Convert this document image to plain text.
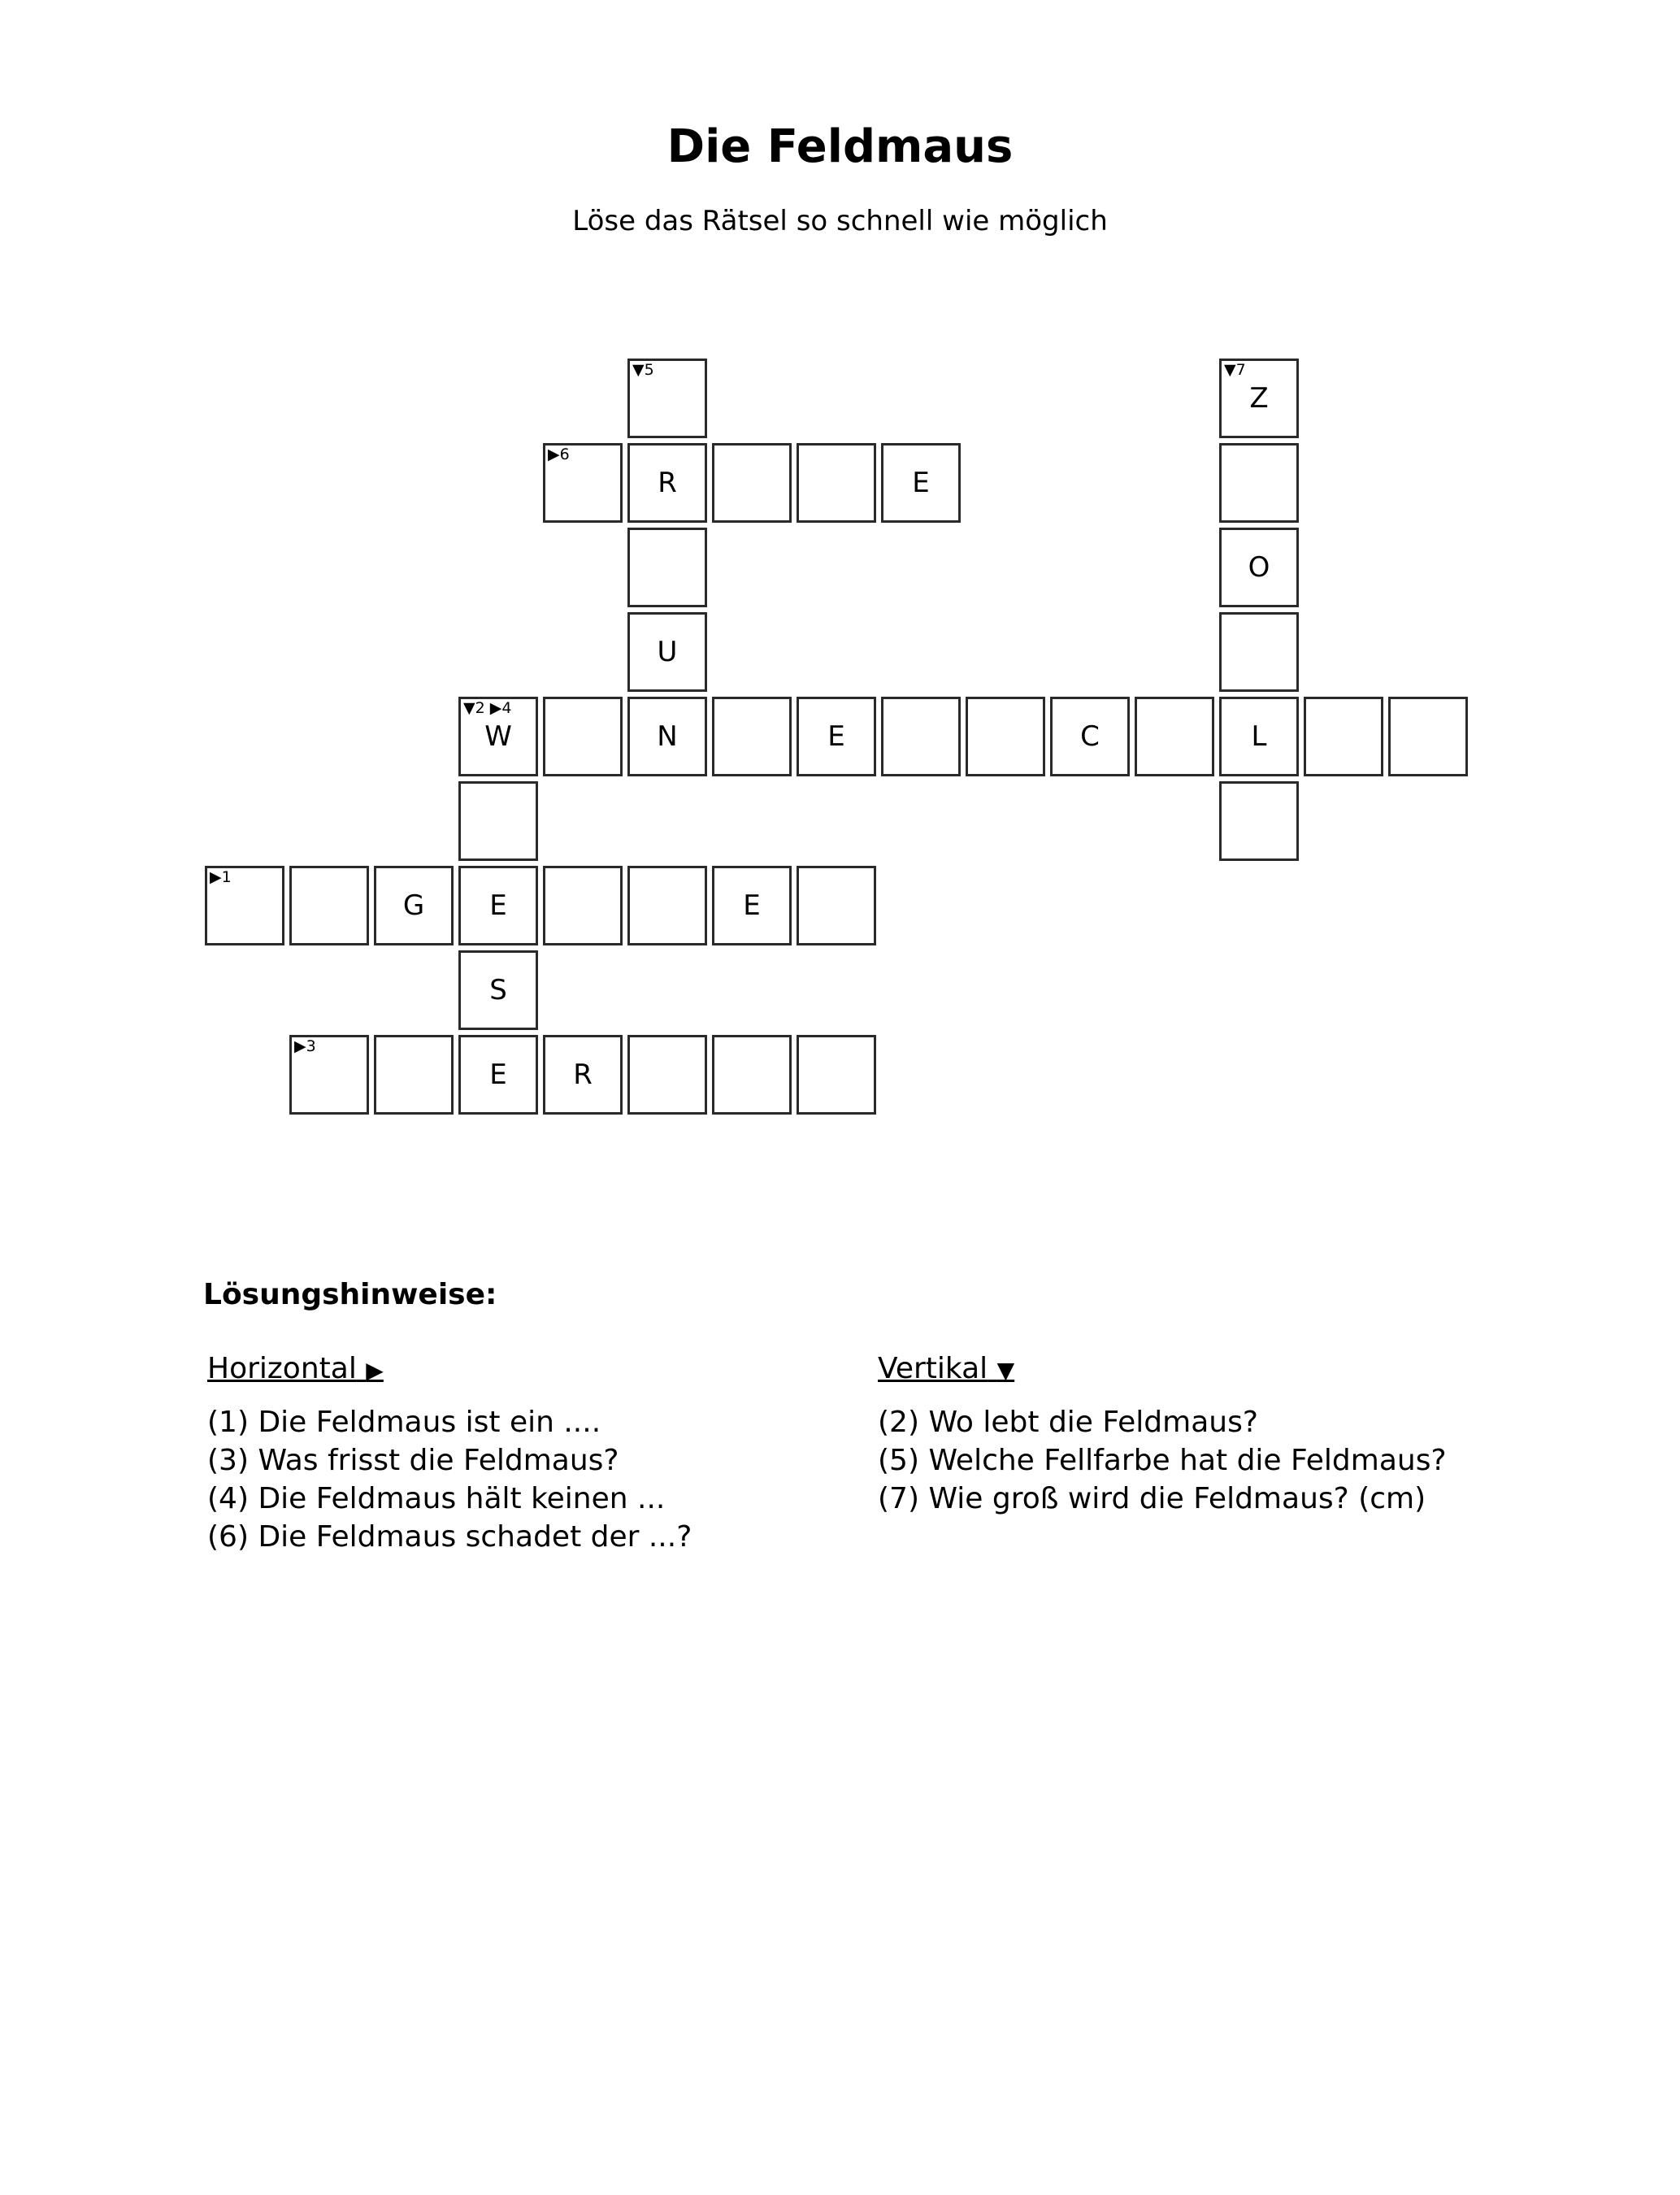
Die Feldmaus

Löse das Rätsel so schnell wie möglich

▼5	▼7
Z
▶6
R	E
O
U
▼2 ▶4
W	N	E	C	L
▶1
G	E	E
S
▶3
E	R
Lösungshinweise:
Horizontal ▶
(1) Die Feldmaus ist ein ....
(3) Was frisst die Feldmaus?
(4) Die Feldmaus hält keinen ...
(6) Die Feldmaus schadet der ...?
Vertikal ▼
(2) Wo lebt die Feldmaus?
(5) Welche Fellfarbe hat die Feldmaus?
(7) Wie groß wird die Feldmaus? (cm)
